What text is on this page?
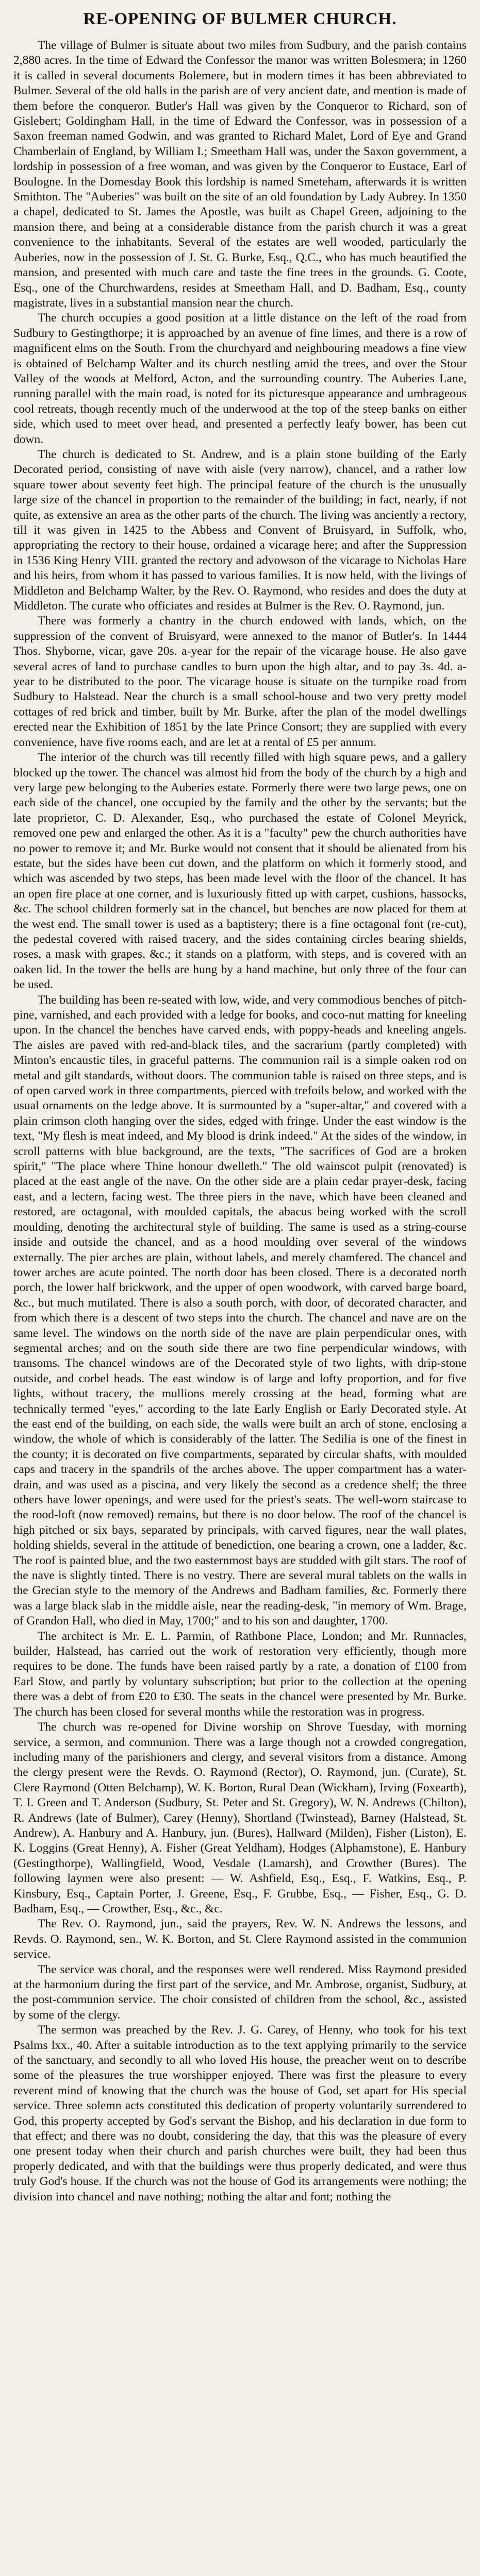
RE-OPENING OF BULMER CHURCH.

The village of Bulmer is situate about two miles from Sudbury, and the parish contains 2,880 acres. In the time of Edward the Confessor the manor was written Bolesmera; in 1260 it is called in several documents Bolemere, but in modern times it has been abbreviated to Bulmer. Several of the old halls in the parish are of very ancient date, and mention is made of them before the conqueror. Butler's Hall was given by the Conqueror to Richard, son of Gislebert; Goldingham Hall, in the time of Edward the Confessor, was in possession of a Saxon freeman named Godwin, and was granted to Richard Malet, Lord of Eye and Grand Chamberlain of England, by William I.; Smeetham Hall was, under the Saxon government, a lordship in possession of a free woman, and was given by the Conqueror to Eustace, Earl of Boulogne. In the Domesday Book this lordship is named Smeteham, afterwards it is written Smithton. The "Auberies" was built on the site of an old foundation by Lady Aubrey. In 1350 a chapel, dedicated to St. James the Apostle, was built as Chapel Green, adjoining to the mansion there, and being at a considerable distance from the parish church it was a great convenience to the inhabitants. Several of the estates are well wooded, particularly the Auberies, now in the possession of J. St. G. Burke, Esq., Q.C., who has much beautified the mansion, and presented with much care and taste the fine trees in the grounds. G. Coote, Esq., one of the Churchwardens, resides at Smeetham Hall, and D. Badham, Esq., county magistrate, lives in a substantial mansion near the church.

The church occupies a good position at a little distance on the left of the road from Sudbury to Gestingthorpe; it is approached by an avenue of fine limes, and there is a row of magnificent elms on the South. From the churchyard and neighbouring meadows a fine view is obtained of Belchamp Walter and its church nestling amid the trees, and over the Stour Valley of the woods at Melford, Acton, and the surrounding country. The Auberies Lane, running parallel with the main road, is noted for its picturesque appearance and umbrageous cool retreats, though recently much of the underwood at the top of the steep banks on either side, which used to meet over head, and presented a perfectly leafy bower, has been cut down.

The church is dedicated to St. Andrew, and is a plain stone building of the Early Decorated period, consisting of nave with aisle (very narrow), chancel, and a rather low square tower about seventy feet high. The principal feature of the church is the unusually large size of the chancel in proportion to the remainder of the building; in fact, nearly, if not quite, as extensive an area as the other parts of the church. The living was anciently a rectory, till it was given in 1425 to the Abbess and Convent of Bruisyard, in Suffolk, who, appropriating the rectory to their house, ordained a vicarage here; and after the Suppression in 1536 King Henry VIII. granted the rectory and advowson of the vicarage to Nicholas Hare and his heirs, from whom it has passed to various families. It is now held, with the livings of Middleton and Belchamp Walter, by the Rev. O. Raymond, who resides and does the duty at Middleton. The curate who officiates and resides at Bulmer is the Rev. O. Raymond, jun.

There was formerly a chantry in the church endowed with lands, which, on the suppression of the convent of Bruisyard, were annexed to the manor of Butler's. In 1444 Thos. Shyborne, vicar, gave 20s. a-year for the repair of the vicarage house. He also gave several acres of land to purchase candles to burn upon the high altar, and to pay 3s. 4d. a-year to be distributed to the poor. The vicarage house is situate on the turnpike road from Sudbury to Halstead. Near the church is a small school-house and two very pretty model cottages of red brick and timber, built by Mr. Burke, after the plan of the model dwellings erected near the Exhibition of 1851 by the late Prince Consort; they are supplied with every convenience, have five rooms each, and are let at a rental of £5 per annum.

The interior of the church was till recently filled with high square pews, and a gallery blocked up the tower. The chancel was almost hid from the body of the church by a high and very large pew belonging to the Auberies estate. Formerly there were two large pews, one on each side of the chancel, one occupied by the family and the other by the servants; but the late proprietor, C. D. Alexander, Esq., who purchased the estate of Colonel Meyrick, removed one pew and enlarged the other. As it is a "faculty" pew the church authorities have no power to remove it; and Mr. Burke would not consent that it should be alienated from his estate, but the sides have been cut down, and the platform on which it formerly stood, and which was ascended by two steps, has been made level with the floor of the chancel. It has an open fire place at one corner, and is luxuriously fitted up with carpet, cushions, hassocks, &c. The school children formerly sat in the chancel, but benches are now placed for them at the west end. The small tower is used as a baptistery; there is a fine octagonal font (re-cut), the pedestal covered with raised tracery, and the sides containing circles bearing shields, roses, a mask with grapes, &c.; it stands on a platform, with steps, and is covered with an oaken lid. In the tower the bells are hung by a hand machine, but only three of the four can be used.

The building has been re-seated with low, wide, and very commodious benches of pitch-pine, varnished, and each provided with a ledge for books, and coco-nut matting for kneeling upon. In the chancel the benches have carved ends, with poppy-heads and kneeling angels. The aisles are paved with red-and-black tiles, and the sacrarium (partly completed) with Minton's encaustic tiles, in graceful patterns. The communion rail is a simple oaken rod on metal and gilt standards, without doors. The communion table is raised on three steps, and is of open carved work in three compartments, pierced with trefoils below, and worked with the usual ornaments on the ledge above. It is surmounted by a "super-altar," and covered with a plain crimson cloth hanging over the sides, edged with fringe. Under the east window is the text, "My flesh is meat indeed, and My blood is drink indeed." At the sides of the window, in scroll patterns with blue background, are the texts, "The sacrifices of God are a broken spirit," "The place where Thine honour dwelleth." The old wainscot pulpit (renovated) is placed at the east angle of the nave. On the other side are a plain cedar prayer-desk, facing east, and a lectern, facing west. The three piers in the nave, which have been cleaned and restored, are octagonal, with moulded capitals, the abacus being worked with the scroll moulding, denoting the architectural style of building. The same is used as a string-course inside and outside the chancel, and as a hood moulding over several of the windows externally. The pier arches are plain, without labels, and merely chamfered. The chancel and tower arches are acute pointed. The north door has been closed. There is a decorated north porch, the lower half brickwork, and the upper of open woodwork, with carved barge board, &c., but much mutilated. There is also a south porch, with door, of decorated character, and from which there is a descent of two steps into the church. The chancel and nave are on the same level. The windows on the north side of the nave are plain perpendicular ones, with segmental arches; and on the south side there are two fine perpendicular windows, with transoms. The chancel windows are of the Decorated style of two lights, with drip-stone outside, and corbel heads. The east window is of large and lofty proportion, and for five lights, without tracery, the mullions merely crossing at the head, forming what are technically termed "eyes," according to the late Early English or Early Decorated style. At the east end of the building, on each side, the walls were built an arch of stone, enclosing a window, the whole of which is considerably of the latter. The Sedilia is one of the finest in the county; it is decorated on five compartments, separated by circular shafts, with moulded caps and tracery in the spandrils of the arches above. The upper compartment has a water-drain, and was used as a piscina, and very likely the second as a credence shelf; the three others have lower openings, and were used for the priest's seats. The well-worn staircase to the rood-loft (now removed) remains, but there is no door below. The roof of the chancel is high pitched or six bays, separated by principals, with carved figures, near the wall plates, holding shields, several in the attitude of benediction, one bearing a crown, one a ladder, &c. The roof is painted blue, and the two easternmost bays are studded with gilt stars. The roof of the nave is slightly tinted. There is no vestry. There are several mural tablets on the walls in the Grecian style to the memory of the Andrews and Badham families, &c. Formerly there was a large black slab in the middle aisle, near the reading-desk, "in memory of Wm. Brage, of Grandon Hall, who died in May, 1700;" and to his son and daughter, 1700.

The architect is Mr. E. L. Parmin, of Rathbone Place, London; and Mr. Runnacles, builder, Halstead, has carried out the work of restoration very efficiently, though more requires to be done. The funds have been raised partly by a rate, a donation of £100 from Earl Stow, and partly by voluntary subscription; but prior to the collection at the opening there was a debt of from £20 to £30. The seats in the chancel were presented by Mr. Burke. The church has been closed for several months while the restoration was in progress.

The church was re-opened for Divine worship on Shrove Tuesday, with morning service, a sermon, and communion. There was a large though not a crowded congregation, including many of the parishioners and clergy, and several visitors from a distance. Among the clergy present were the Revds. O. Raymond (Rector), O. Raymond, jun. (Curate), St. Clere Raymond (Otten Belchamp), W. K. Borton, Rural Dean (Wickham), Irving (Foxearth), T. I. Green and T. Anderson (Sudbury, St. Peter and St. Gregory), W. N. Andrews (Chilton), R. Andrews (late of Bulmer), Carey (Henny), Shortland (Twinstead), Barney (Halstead, St. Andrew), A. Hanbury and A. Hanbury, jun. (Bures), Hallward (Milden), Fisher (Liston), E. K. Loggins (Great Henny), A. Fisher (Great Yeldham), Hodges (Alphamstone), E. Hanbury (Gestingthorpe), Wallingfield, Wood, Vesdale (Lamarsh), and Crowther (Bures). The following laymen were also present: — W. Ashfield, Esq., Esq., F. Watkins, Esq., P. Kinsbury, Esq., Captain Porter, J. Greene, Esq., F. Grubbe, Esq., — Fisher, Esq., G. D. Badham, Esq., — Crowther, Esq., &c., &c.

The Rev. O. Raymond, jun., said the prayers, Rev. W. N. Andrews the lessons, and Revds. O. Raymond, sen., W. K. Borton, and St. Clere Raymond assisted in the communion service.

The service was choral, and the responses were well rendered. Miss Raymond presided at the harmonium during the first part of the service, and Mr. Ambrose, organist, Sudbury, at the post-communion service. The choir consisted of children from the school, &c., assisted by some of the clergy.

The sermon was preached by the Rev. J. G. Carey, of Henny, who took for his text Psalms lxx., 40. After a suitable introduction as to the text applying primarily to the service of the sanctuary, and secondly to all who loved His house, the preacher went on to describe some of the pleasures the true worshipper enjoyed. There was first the pleasure to every reverent mind of knowing that the church was the house of God, set apart for His special service. Three solemn acts constituted this dedication of property voluntarily surrendered to God, this property accepted by God's servant the Bishop, and his declaration in due form to that effect; and there was no doubt, considering the day, that this was the pleasure of every one present today when their church and parish churches were built, they had been thus properly dedicated, and with that the buildings were thus properly dedicated, and were thus truly God's house. If the church was not the house of God its arrangements were nothing; the division into chancel and nave nothing; nothing the altar and font; nothing the
